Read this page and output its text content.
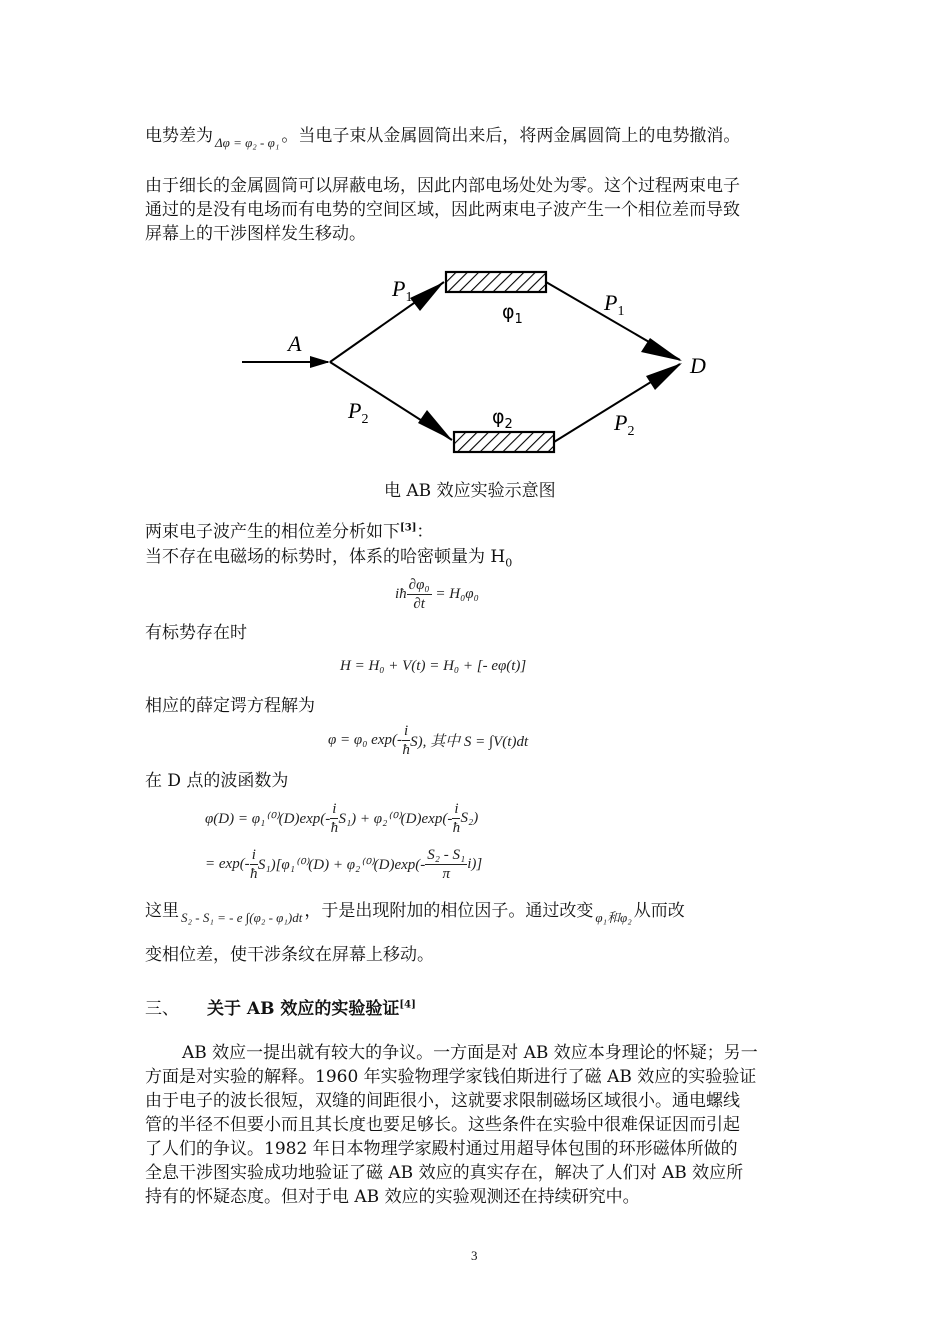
电势差为 $_{\Delta\varphi = \varphi_2 - \varphi_1}$ 。当电子束从金属圆筒出来后，将两金属圆筒上的电势撤消。
由于细长的金属圆筒可以屏蔽电场，因此内部电场处处为零。这个过程两束电子
通过的是没有电场而有电势的空间区域，因此两束电子波产生一个相位差而导致
屏幕上的干涉图样发生移动。
A
$P_1$
$P_2$
$P_1$
$P_2$
$\varphi_1$
$\varphi_2$
D
电 AB 效应实验示意图
两束电子波产生的相位差分析如下[3]：
当不存在电磁场的标势时，体系的哈密顿量为 $H_0$
iħ $\frac{\text{∂φ₀}}{\partial t} = H_0\varphi_0$
有标势存在时
H = H₀ + V(t) = H₀ + [- eφ(t)]
相应的薛定谔方程解为
φ = φ₀ $\exp(- \frac{i}{ħ} S)$, 其中 S = ∫V(t)dt
在 D 点的波函数为
$\varphi(D) = \varphi_1^{(0)}(D)\exp(- \frac{i}{ħ} S_1) + \varphi_2^{(0)}(D)\exp(- \frac{i}{ħ} S_2)$
= $\exp(- \frac{i}{ħ} S_1)[\varphi_1^{(0)}(D) + \varphi_2^{(0)}(D)\exp(- \frac{\text{S₂ - S₁}}{\pi} i)]$
这里 $_{S_2 - S_1 = - e \int(\varphi_2 - \varphi_1)dt}$ ，于是出现附加的相位因子。通过改变 $_{\varphi_1和\varphi_2}$ 从而改
变相位差，使干涉条纹在屏幕上移动。
三、 关于 AB 效应的实验验证[4]
AB 效应一提出就有较大的争议。一方面是对 AB 效应本身理论的怀疑；另一
方面是对实验的解释。1960 年实验物理学家钱伯斯进行了磁 AB 效应的实验验证
由于电子的波长很短，双缝的间距很小，这就要求限制磁场区域很小。通电螺线
管的半径不但要小而且其长度也要足够长。这些条件在实验中很难保证因而引起
了人们的争议。1982 年日本物理学家殿村通过用超导体包围的环形磁体所做的
全息干涉图实验成功地验证了磁 AB 效应的真实存在，解决了人们对 AB 效应所
持有的怀疑态度。但对于电 AB 效应的实验观测还在持续研究中。
3
